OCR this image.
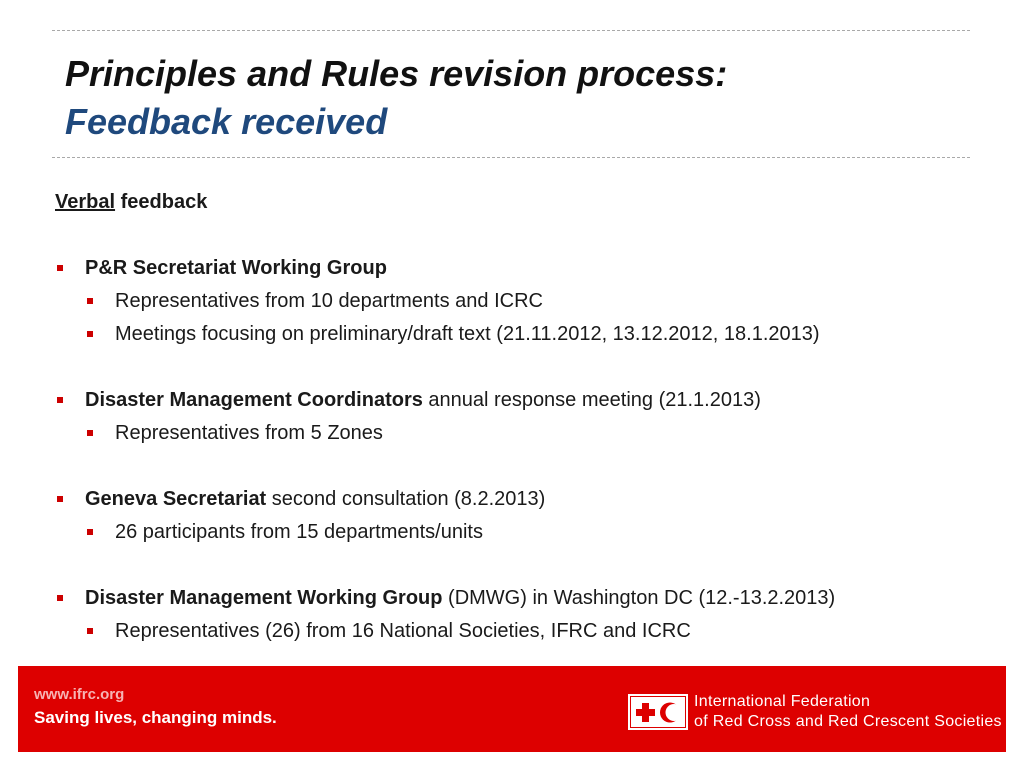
Principles and Rules revision process:
Feedback received
Verbal feedback
P&R Secretariat Working Group
Representatives from 10 departments and ICRC
Meetings focusing on preliminary/draft text (21.11.2012, 13.12.2012, 18.1.2013)
Disaster Management Coordinators annual response meeting (21.1.2013)
Representatives from 5 Zones
Geneva Secretariat second consultation (8.2.2013)
26 participants from 15 departments/units
Disaster Management Working Group (DMWG) in Washington DC (12.-13.2.2013)
Representatives (26) from 16 National Societies, IFRC and ICRC
www.ifrc.org
Saving lives, changing minds.
International Federation
of Red Cross and Red Crescent Societies
